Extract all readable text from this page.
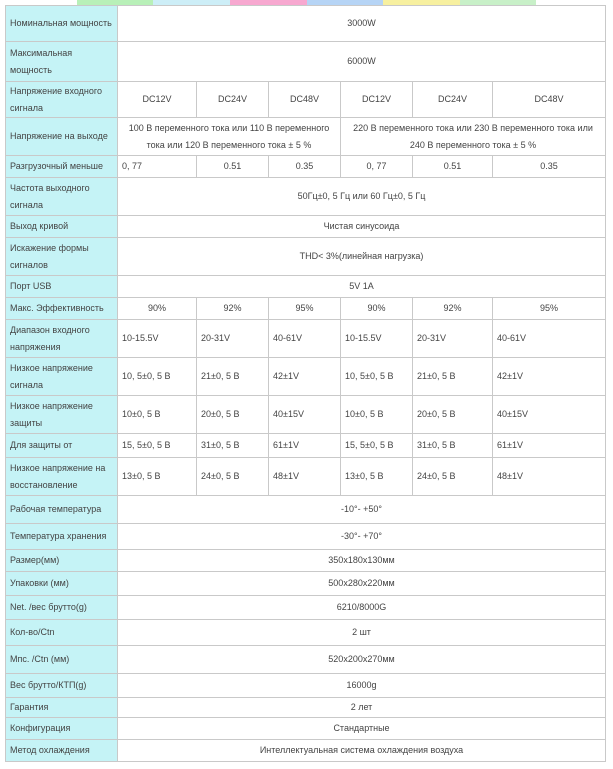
Номинальная мощность	3000W					
Максимальная мощность	6000W					
Напряжение входного сигнала	DC12V	DC24V	DC48V	DC12V	DC24V	DC48V
Напряжение на выходе	100 В переменного тока или 110 В переменного тока или 120 В переменного тока ± 5 %			220 В переменного тока или 230 В переменного тока или 240 В переменного тока ± 5 %		
Разгрузочный меньше	0, 77	0.51	0.35	0, 77	0.51	0.35
Частота выходного сигнала	50Гц±0, 5 Гц или 60 Гц±0, 5 Гц					
Выход кривой	Чистая синусоида					
Искажение формы сигналов	THD< 3%(линейная нагрузка)					
Порт USB	5V 1A					
Макс. Эффективность	90%	92%	95%	90%	92%	95%
Диапазон входного напряжения	10-15.5V	20-31V	40-61V	10-15.5V	20-31V	40-61V
Низкое напряжение сигнала	10, 5±0, 5 В	21±0, 5 В	42±1V	10, 5±0, 5 В	21±0, 5 В	42±1V
Низкое напряжение защиты	10±0, 5 В	20±0, 5 В	40±15V	10±0, 5 В	20±0, 5 В	40±15V
Для защиты от	15, 5±0, 5 В	31±0, 5 В	61±1V	15, 5±0, 5 В	31±0, 5 В	61±1V
Низкое напряжение на восстановление	13±0, 5 В	24±0, 5 В	48±1V	13±0, 5 В	24±0, 5 В	48±1V
Рабочая температура	-10°- +50°					
Температура хранения	-30°- +70°					
Размер(мм)	350x180x130мм					
Упаковки (мм)	500x280x220мм					
Net. /вес брутто(g)	6210/8000G					
Кол-во/Ctn	2 шт					
Мпс. /Ctn (мм)	520x200x270мм					
Вес брутто/КТП(g)	16000g					
Гарантия	2 лет					
Конфигурация	Стандартные					
Метод охлаждения	Интеллектуальная система охлаждения воздуха					
